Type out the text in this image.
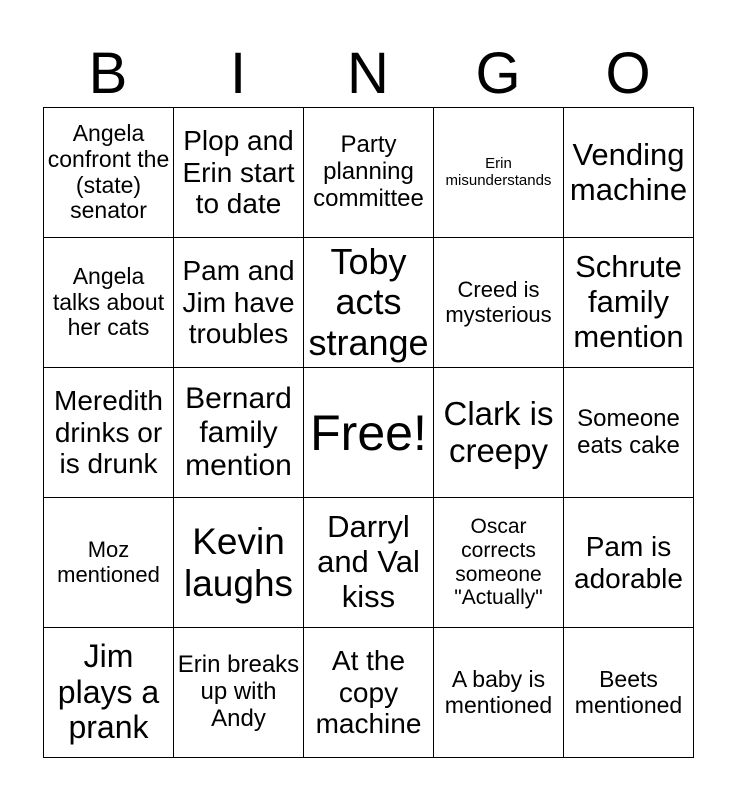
B	I	N	G	O
Angela confront the (state) senator	Plop and Erin start to date	Party planning committee	Erin misunderstands	Vending machine
Angela talks about her cats	Pam and Jim have troubles	Toby acts strange	Creed is mysterious	Schrute family mention
Meredith drinks or is drunk	Bernard family mention	Free!	Clark is creepy	Someone eats cake
Moz mentioned	Kevin laughs	Darryl and Val kiss	Oscar corrects someone "Actually"	Pam is adorable
Jim plays a prank	Erin breaks up with Andy	At the copy machine	A baby is mentioned	Beets mentioned
